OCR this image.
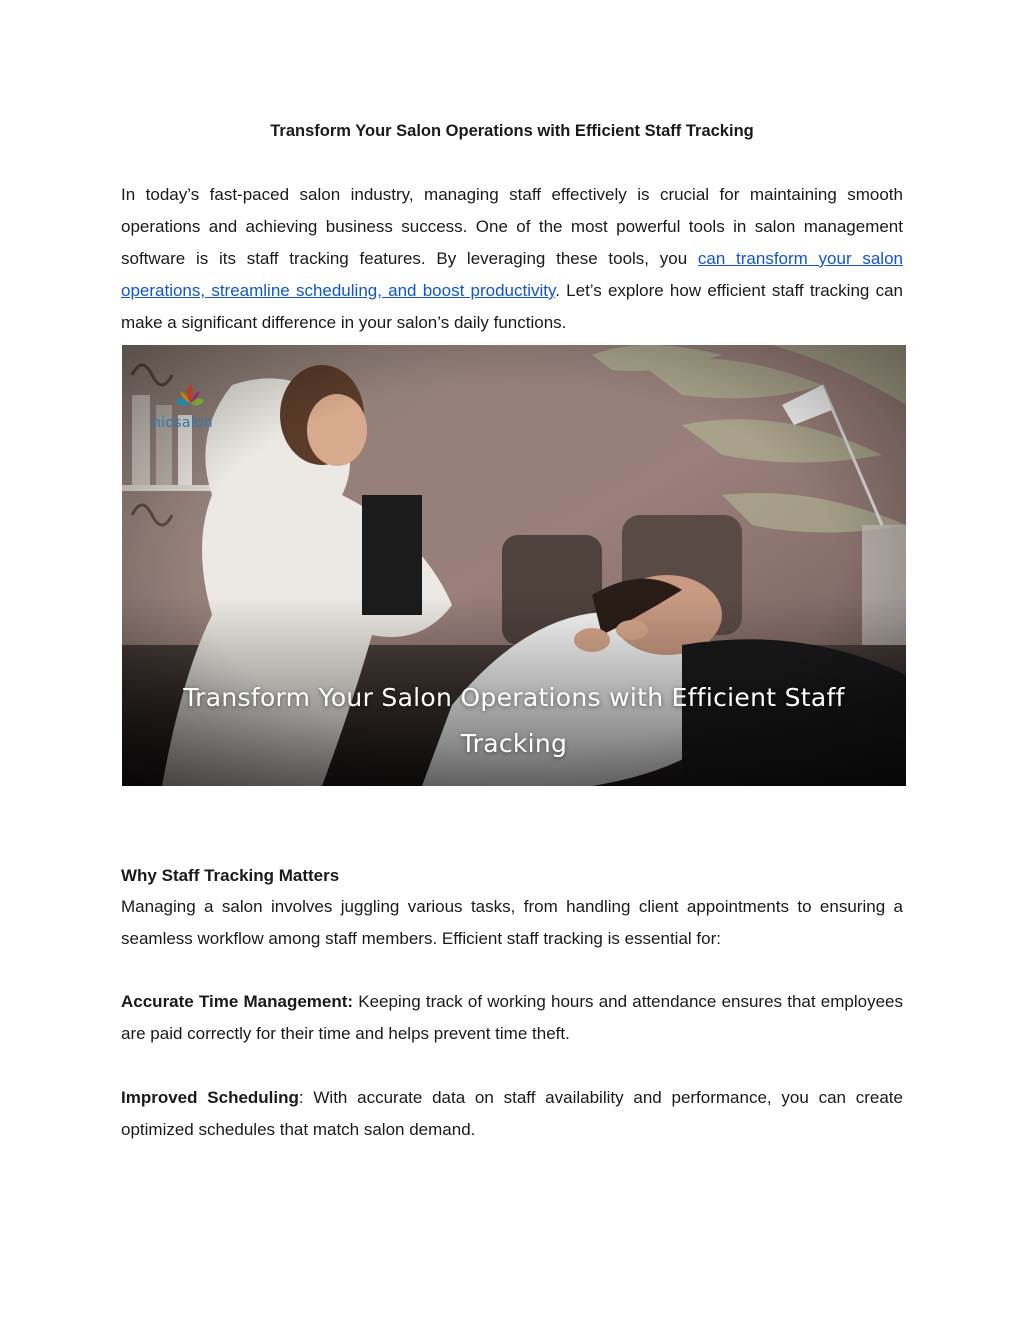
Transform Your Salon Operations with Efficient Staff Tracking

In today’s fast-paced salon industry, managing staff effectively is crucial for maintaining smooth operations and achieving business success. One of the most powerful tools in salon management software is its staff tracking features. By leveraging these tools, you can transform your salon operations, streamline scheduling, and boost productivity. Let’s explore how efficient staff tracking can make a significant difference in your salon’s daily functions.

niosalon
Transform Your Salon Operations with Efficient Staff
Tracking
Why Staff Tracking Matters

Managing a salon involves juggling various tasks, from handling client appointments to ensuring a seamless workflow among staff members. Efficient staff tracking is essential for:

Accurate Time Management: Keeping track of working hours and attendance ensures that employees are paid correctly for their time and helps prevent time theft.

Improved Scheduling: With accurate data on staff availability and performance, you can create optimized schedules that match salon demand.
